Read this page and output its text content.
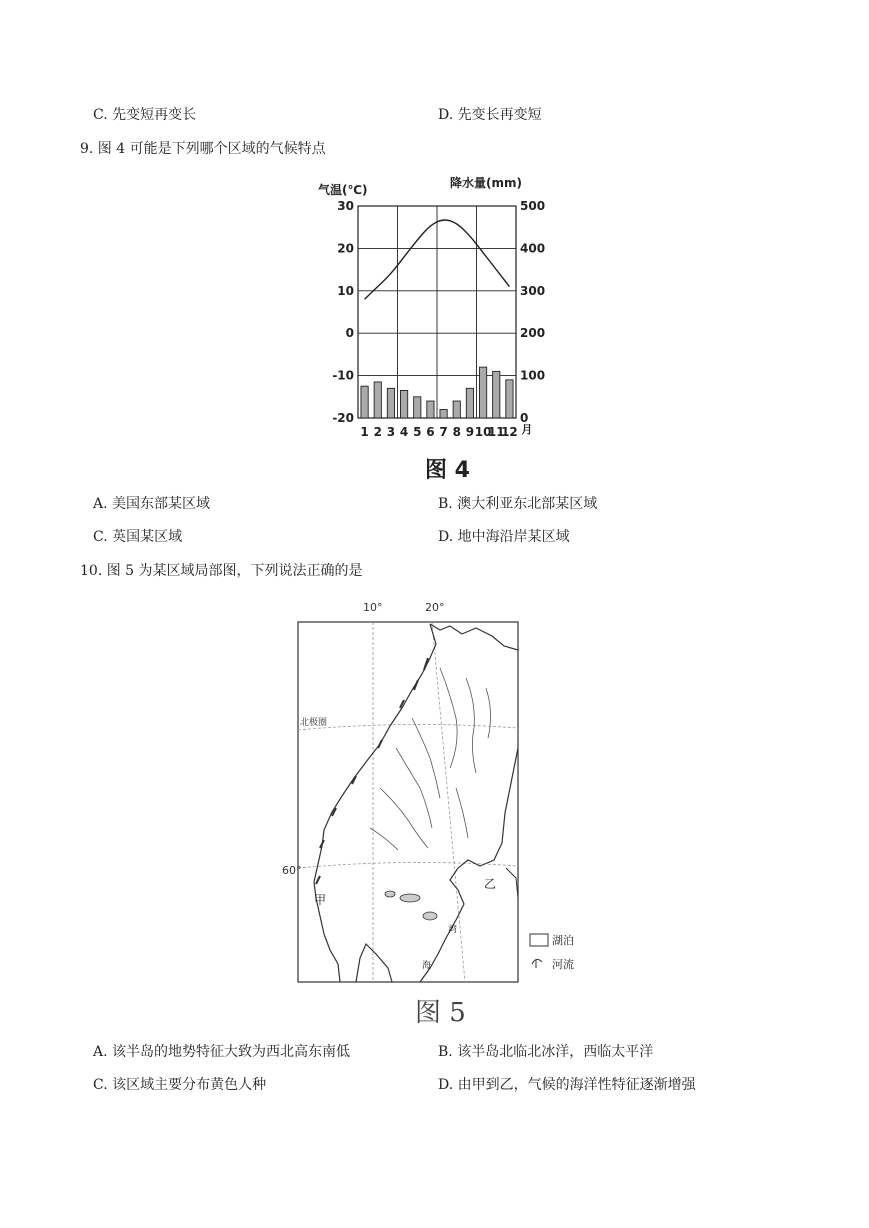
C. 先变短再变长	D. 先变长再变短
9. 图 4 可能是下列哪个区域的气候特点
气温(℃)	降水量(mm)
30
20
10
0
-10
-20
500
400
300
200
100
0
1 2 3 4 5 6 7 8 9 10
11
12 月
图 4
A. 美国东部某区域	B. 澳大利亚东北部某区域
C. 英国某区域	D. 地中海沿岸某区域
10. 图 5 为某区域局部图，下列说法正确的是
10°	20°
北极圈
60°
甲
乙
海
湾
湖泊
河流
图 5
A. 该半岛的地势特征大致为西北高东南低	B. 该半岛北临北冰洋，西临太平洋
C. 该区域主要分布黄色人种	D. 由甲到乙，气候的海洋性特征逐渐增强
